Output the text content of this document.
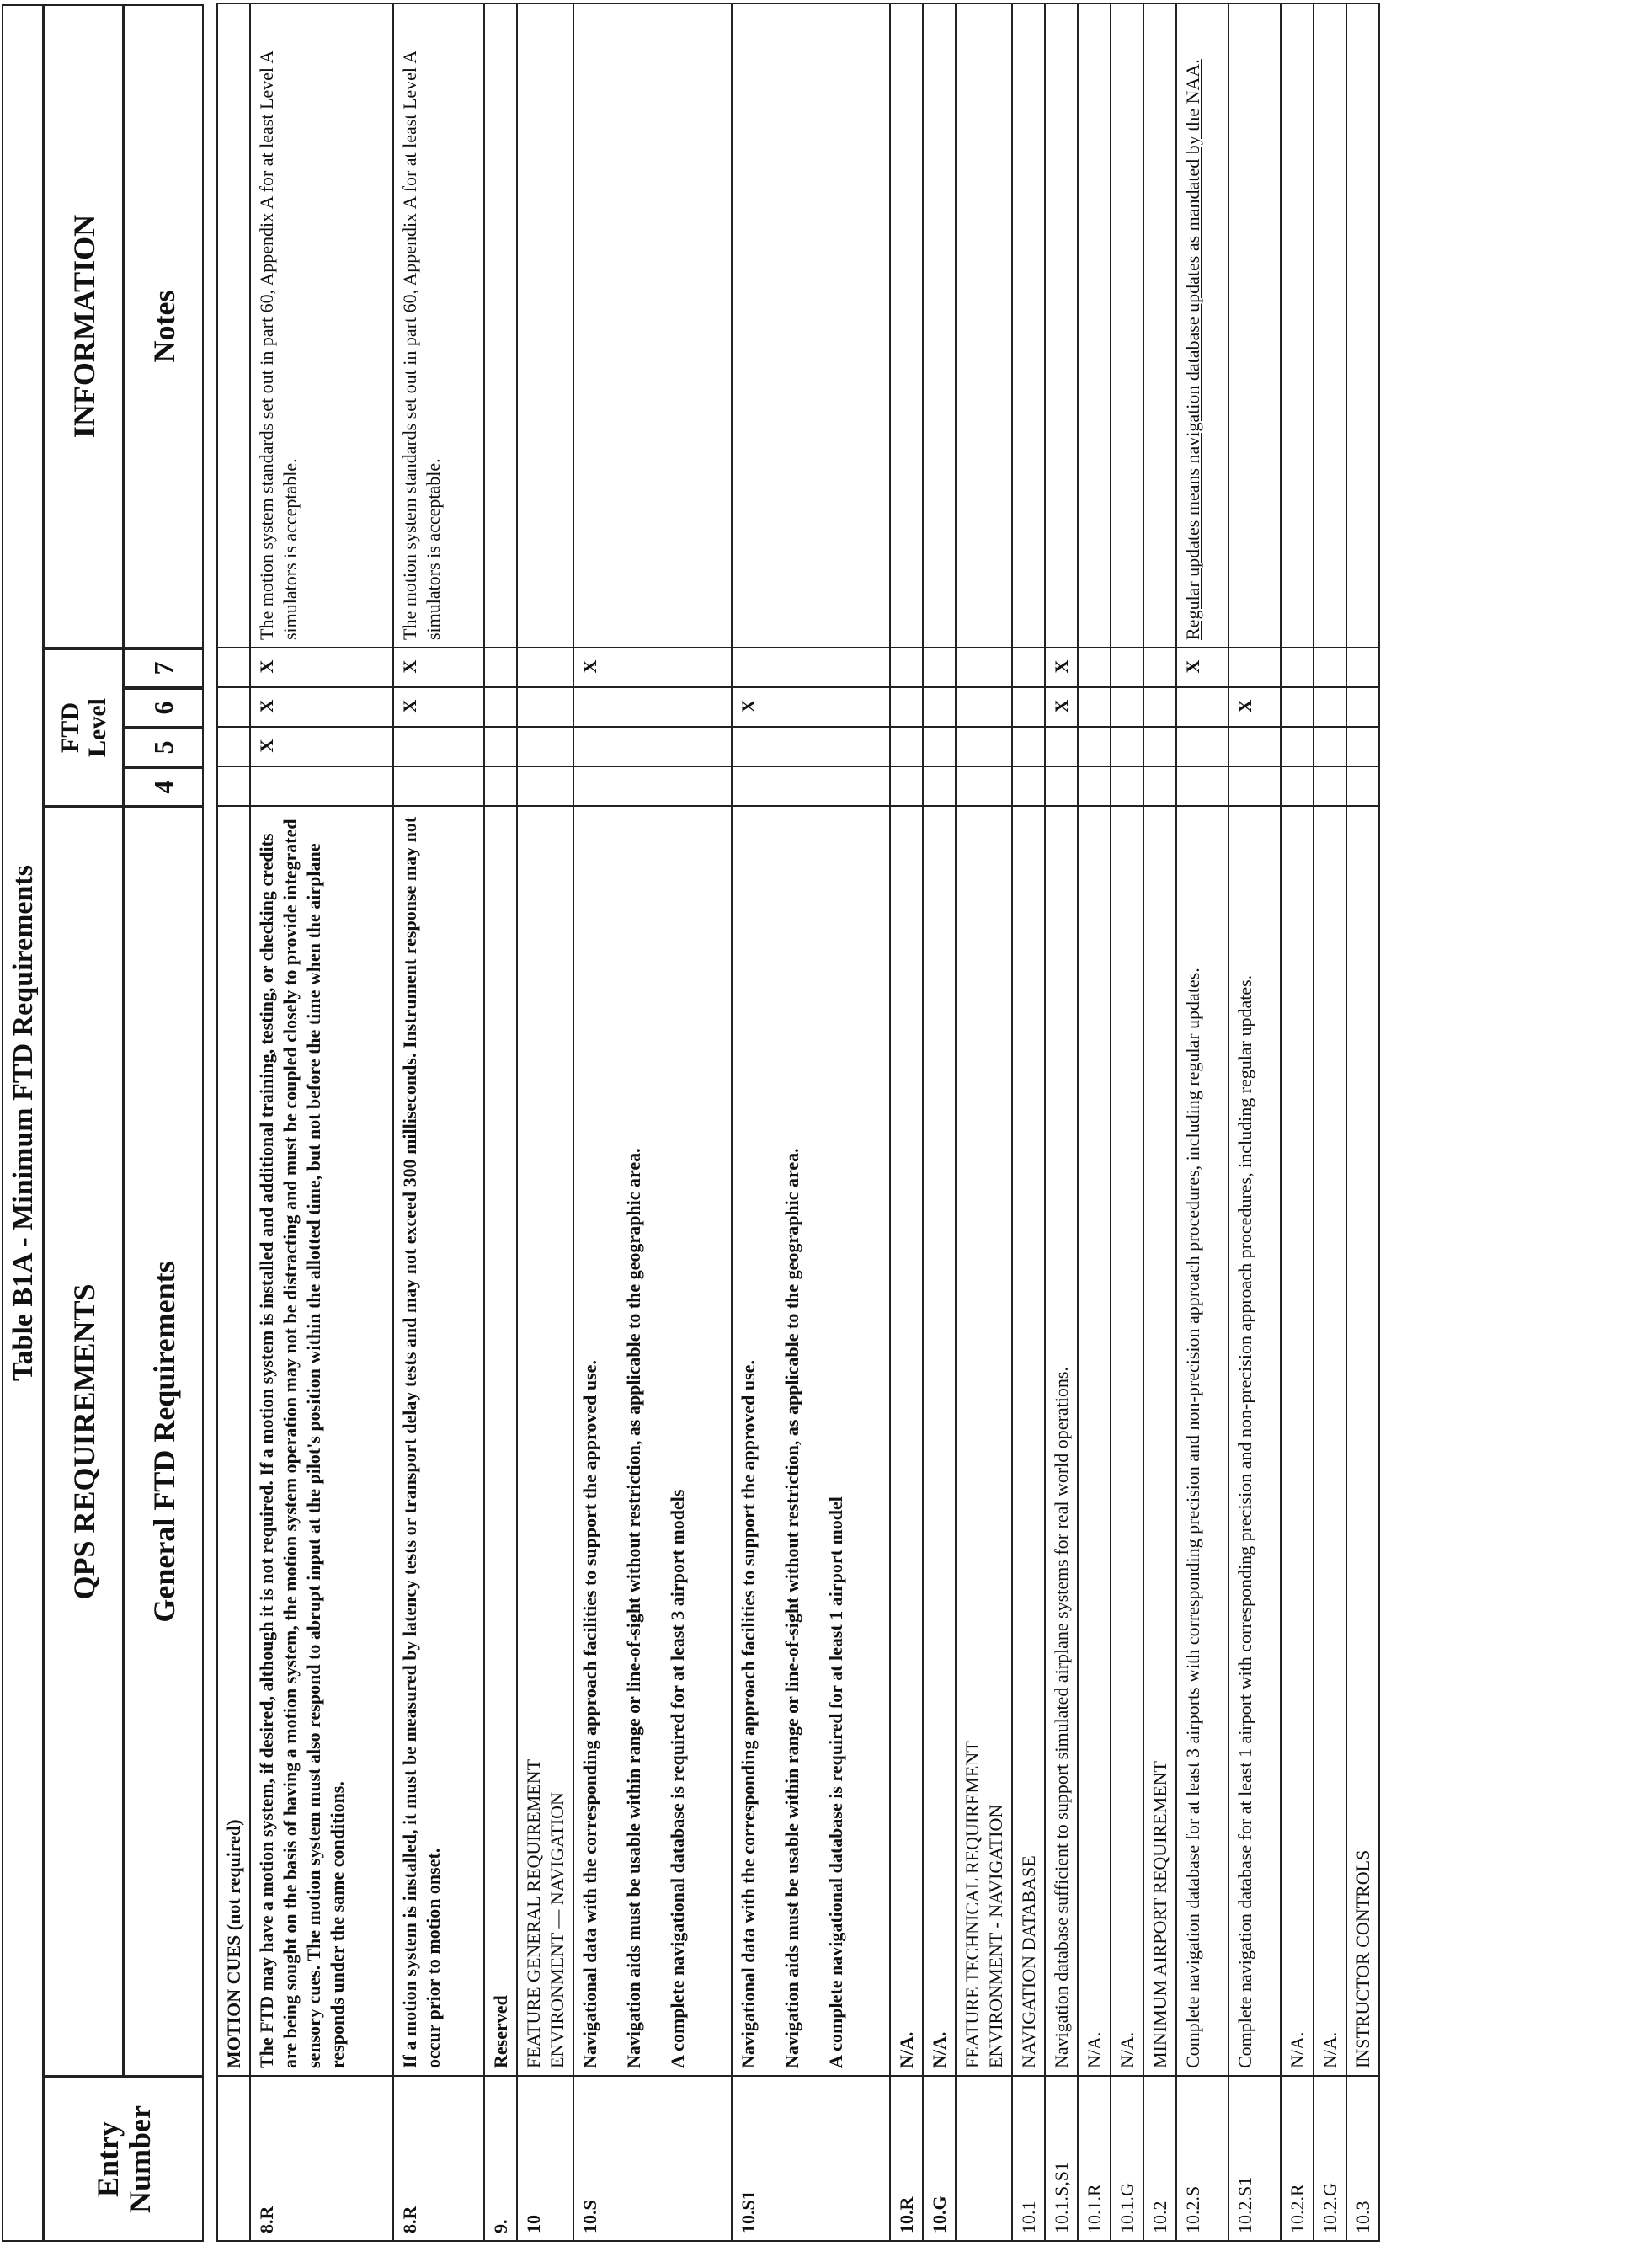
Table B1A - Minimum FTD Requirements
Entry
Number
QPS REQUIREMENTS	General FTD Requirements
FTD
Level
4
5
6
7
INFORMATION	Notes

	MOTION CUES (not required)					

8.R	The FTD may have a motion system, if desired, although it is not required. If a motion system is installed and additional training, testing, or checking credits are being sought on the basis of having a motion system, the motion system operation may not be distracting and must be coupled closely to provide integrated sensory cues. The motion system must also respond to abrupt input at the pilot's position within the allotted time, but not before the time when the airplane responds under the same conditions.		X	X	X	The motion system standards set out in part 60, Appendix A for at least Level A simulators is acceptable.
8.R	If a motion system is installed, it must be measured by latency tests or transport delay tests and may not exceed 300 milliseconds. Instrument response may not occur prior to motion onset.			X	X	The motion system standards set out in part 60, Appendix A for at least Level A simulators is acceptable.
9.	Reserved					

10	FEATURE GENERAL REQUIREMENT
ENVIRONMENT — NAVIGATION					

10.S	Navigational data with the corresponding approach facilities to support the approved use. Navigation aids must be usable within range or line-of-sight without restriction, as applicable to the geographic area. A complete navigational database is required for at least 3 airport models				X	
10.S1	Navigational data with the corresponding approach facilities to support the approved use. Navigation aids must be usable within range or line-of-sight without restriction, as applicable to the geographic area. A complete navigational database is required for at least 1 airport model			X		
10.R	N/A.					

10.G	N/A.					

	FEATURE TECHNICAL REQUIREMENT
ENVIRONMENT - NAVIGATION					

10.1	NAVIGATION DATABASE					

10.1.S,S1	Navigation database sufficient to support simulated airplane systems for real world operations.			X	X	
10.1.R	N/A.					

10.1.G	N/A.					

10.2	MINIMUM AIRPORT REQUIREMENT					

10.2.S	Complete navigation database for at least 3 airports with corresponding precision and non-precision approach procedures, including regular updates.				X	Regular updates means navigation database updates as mandated by the NAA.
10.2.S1	Complete navigation database for at least 1 airport with corresponding precision and non-precision approach procedures, including regular updates.			X		
10.2.R	N/A.					

10.2.G	N/A.					

10.3	INSTRUCTOR CONTROLS					
